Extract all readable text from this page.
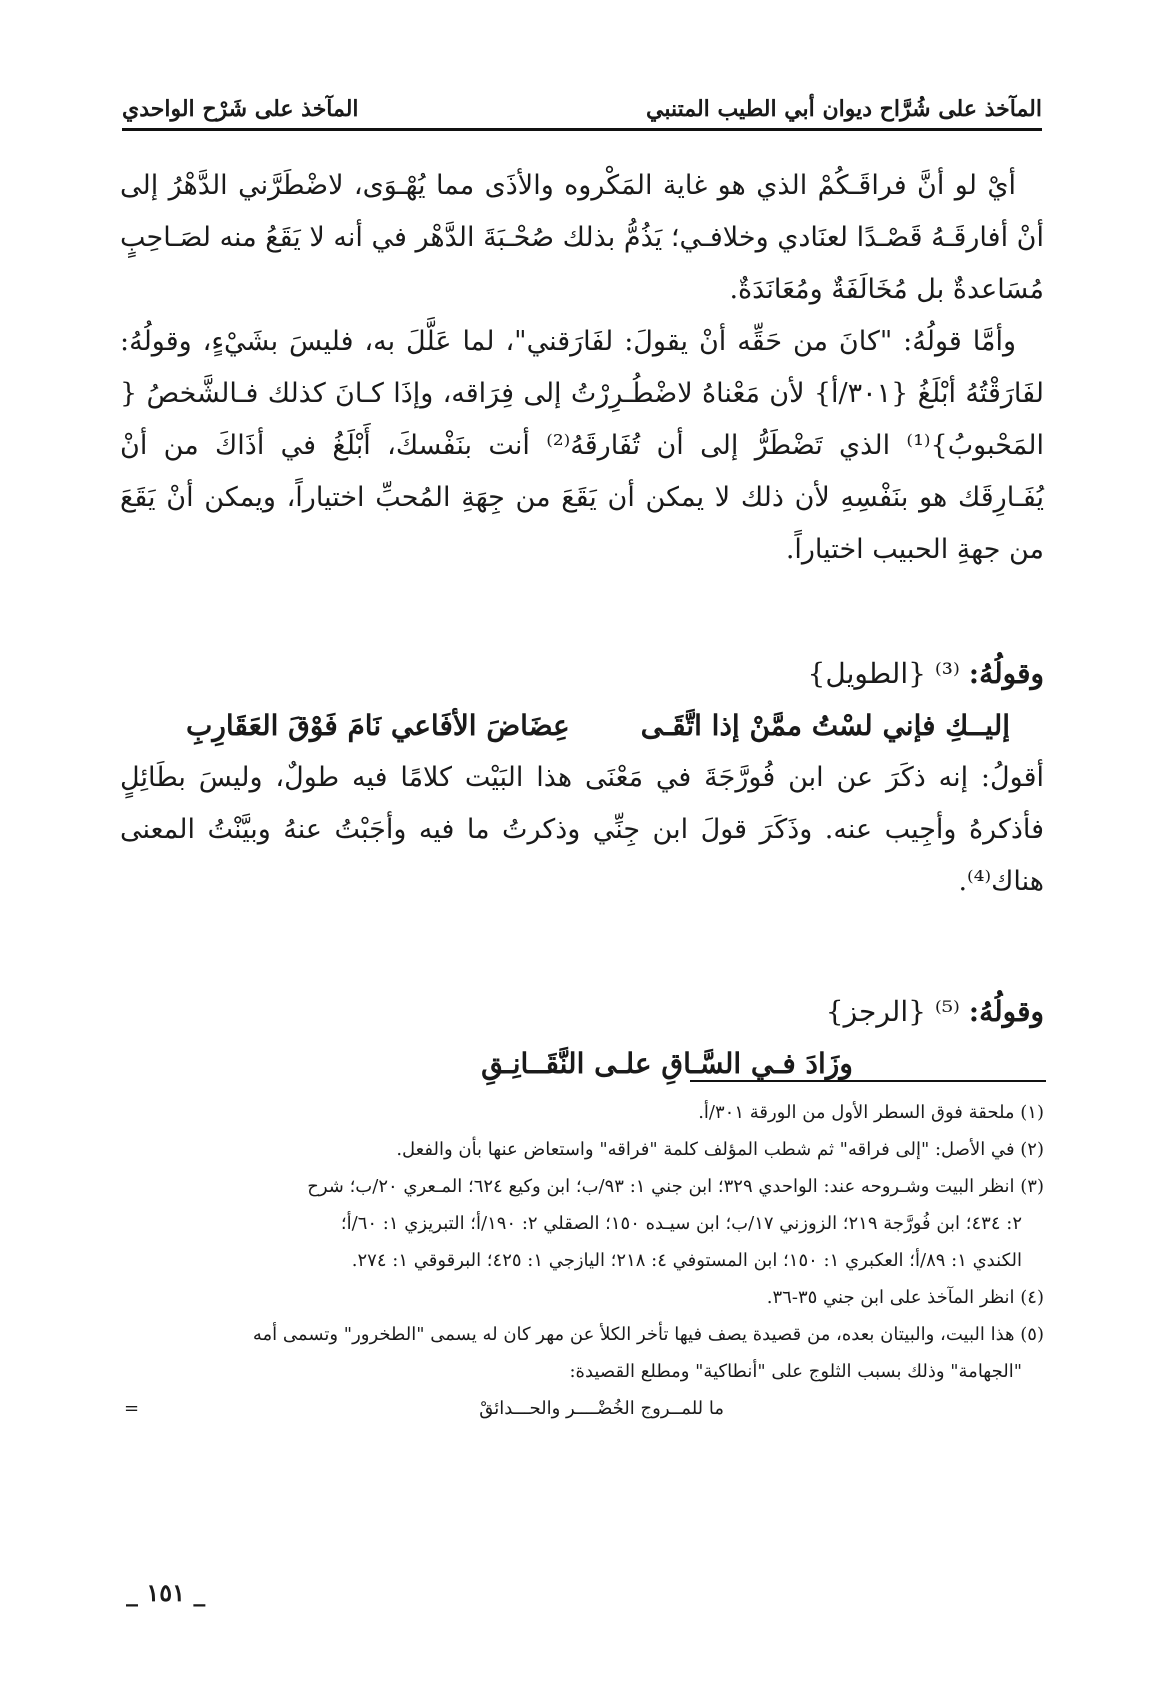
المآخذ على شُرَّاح ديوان أبي الطيب المتنبي
المآخذ على شَرْح الواحدي

أيْ لو أنَّ فراقَـكُمْ الذي هو غاية المَكْروه والأذَى مما يُهْـوَى، لاضْطَرَّني الدَّهْرُ إلى أنْ أفارقَـهُ قَصْـدًا لعنَادي وخلافـي؛ يَذُمُّ بذلك صُحْـبَةَ الدَّهْر في أنه لا يَقَعُ منه لصَـاحِبٍ مُسَاعدةٌ بل مُخَالَفَةٌ ومُعَانَدَةٌ.

وأمَّا قولُهُ: "كانَ من حَقِّه أنْ يقولَ: لفَارَقني"، لما عَلَّلَ به، فليسَ بشَيْءٍ، وقولُهُ: لفَارَقْتُهُ أبْلَغُ {٣٠١/أ} لأن مَعْناهُ لاضْطُـرِرْتُ إلى فِرَاقه، وإذَا كـانَ كذلك فـالشَّخصُ { المَحْبوبُ}⁽¹⁾ الذي تَضْطَرُّ إلى أن تُفَارقَهُ⁽²⁾ أنت بنَفْسكَ، أَبْلَغُ في أذَاكَ من أنْ يُفَـارِقَك هو بنَفْسِهِ لأن ذلك لا يمكن أن يَقَعَ من جِهَةِ المُحبِّ اختياراً، ويمكن أنْ يَقَعَ من جهةِ الحبيب اختياراً.

وقولُهُ: ⁽³⁾ {الطويل}

إليــكِ فإني لسْتُ ممَّنْ إذا اتَّقَـى
عِضَاضَ الأفَاعي نَامَ فَوْقَ العَقَارِبِ

أقولُ: إنه ذكَرَ عن ابن فُورَّجَةَ في مَعْنَى هذا البَيْت كلامًا فيه طولٌ، وليسَ بطَائِلٍ فأذكرهُ وأجِيب عنه. وذَكَرَ قولَ ابن جِنِّي وذكرتُ ما فيه وأجَبْتُ عنهُ وبيَّنْتُ المعنى هناك⁽⁴⁾.

وقولُهُ: ⁽⁵⁾ {الرجز}

وزَادَ فـي السَّـاقِ علـى النَّقَــانِـقِ

(١) ملحقة فوق السطر الأول من الورقة ٣٠١/أ.

(٢) في الأصل: "إلى فراقه" ثم شطب المؤلف كلمة "فراقه" واستعاض عنها بأن والفعل.

(٣) انظر البيت وشـروحه عند: الواحدي ٣٢٩؛ ابن جني ١: ٩٣/ب؛ ابن وكيع ٦٢٤؛ المـعري ٢٠/ب؛ شرح

٢: ٤٣٤؛ ابن فُورَّجة ٢١٩؛ الزوزني ١٧/ب؛ ابن سيـده ١٥٠؛ الصقلي ٢: ١٩٠/أ؛ التبريزي ١: ٦٠/أ؛

الكندي ١: ٨٩/أ؛ العكبري ١: ١٥٠؛ ابن المستوفي ٤: ٢١٨؛ اليازجي ١: ٤٢٥؛ البرقوقي ١: ٢٧٤.

(٤) انظر المآخذ على ابن جني ٣٥-٣٦.

(٥) هذا البيت، والبيتان بعده، من قصيدة يصف فيها تأخر الكلأ عن مهر كان له يسمى "الطخرور" وتسمى أمه

"الجهامة" وذلك بسبب الثلوج على "أنطاكية" ومطلع القصيدة:

ما للمــروج الخُضْــــر والحـــدائقْ
=
_ ١٥١ _
